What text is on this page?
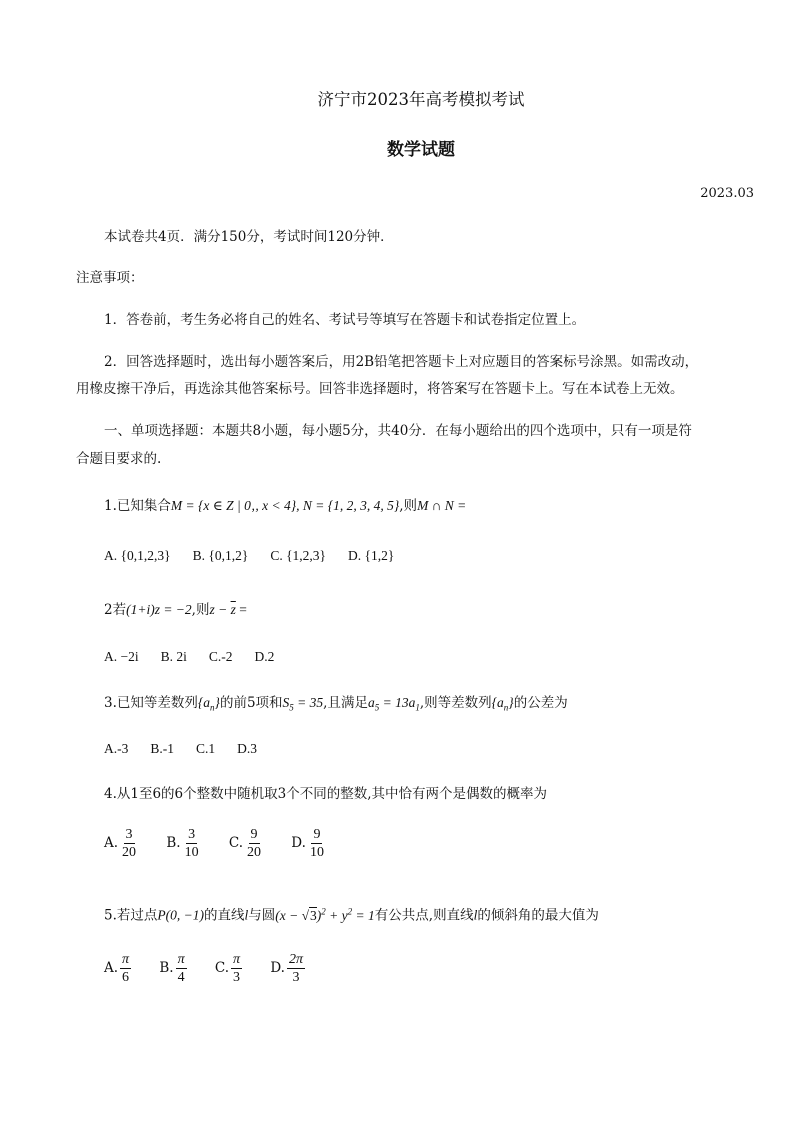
济宁市2023年高考模拟考试
数学试题
2023.03
本试卷共4页．满分150分，考试时间120分钟．
注意事项：
1．答卷前，考生务必将自己的姓名、考试号等填写在答题卡和试卷指定位置上。
2．回答选择题时，选出每小题答案后，用2B铅笔把答题卡上对应题目的答案标号涂黑。如需改动，
用橡皮擦干净后，再选涂其他答案标号。回答非选择题时，将答案写在答题卡上。写在本试卷上无效。
一、单项选择题：本题共8小题，每小题5分，共40分．在每小题给出的四个选项中，只有一项是符
合题目要求的.
1.已知集合M = {x ∈ Z | 0‚, x < 4}, N = {1, 2, 3, 4, 5},则M ∩ N =
A. {0,1,2,3} B. {0,1,2} C. {1,2,3} D. {1,2}
2若(1+i)z = −2,则$z - \overline{z}$ =
A. −2i B. 2i C.-2 D.2
3.已知等差数列$\{a_n\}$的前5项和$S_5 = 35$,且满足$a_5 = 13a_1$,则等差数列$\{a_n\}$的公差为
A.-3 B.-1 C.1 D.3
4.从1至6的6个整数中随机取3个不同的整数,其中恰有两个是偶数的概率为
A. $\frac{3}{20} B$. $\frac{3}{10} C$. $\frac{9}{20} D$. $\frac{9}{10}$
5.若过点P(0, −1)的直线l与圆$(x - √3)^2 + y^2 = 1$有公共点,则直线l的倾斜角的最大值为
A. $\frac{\pi}{6} B$. $\frac{\pi}{4} C$. $\frac{\pi}{3} D$. $\frac{2\pi}{3}$
